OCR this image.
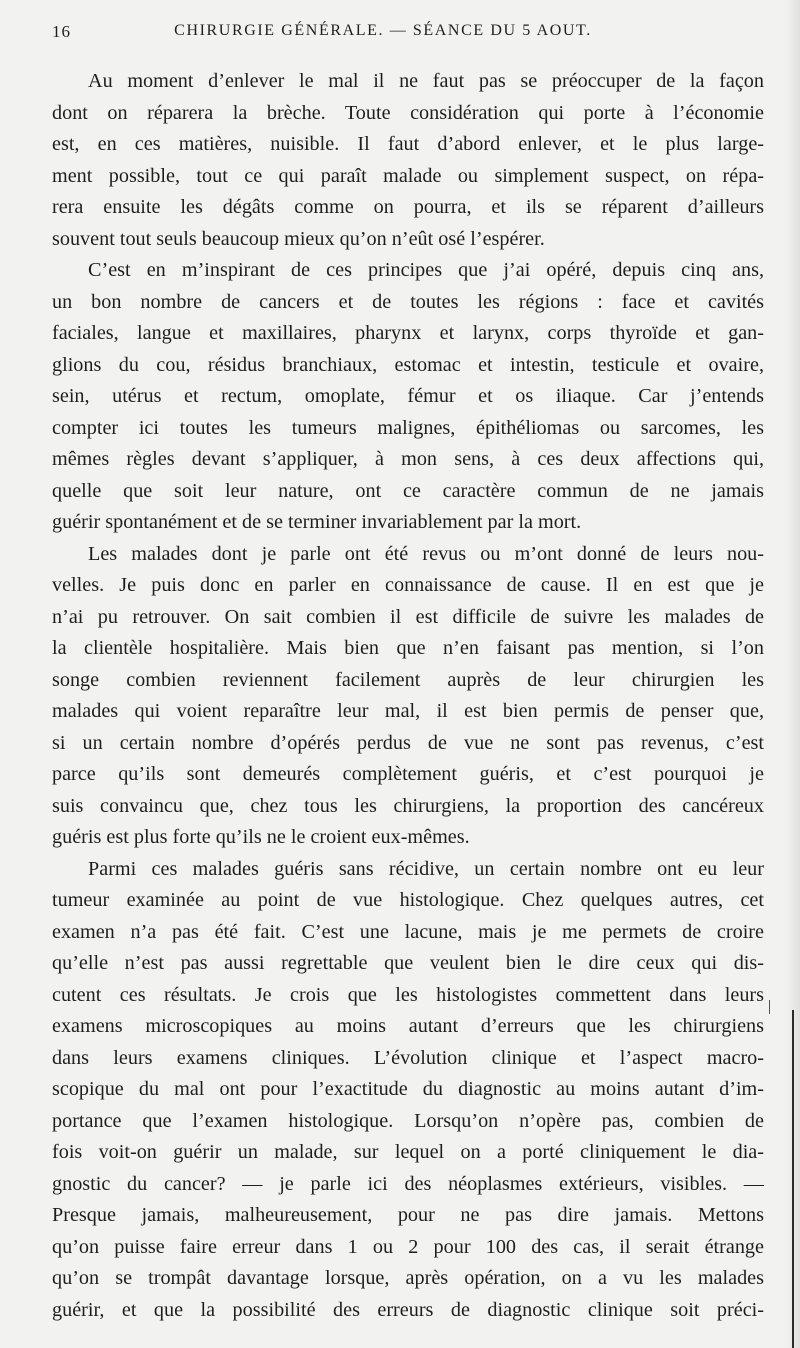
16	CHIRURGIE GÉNÉRALE. — SÉANCE DU 5 AOUT.
Au moment d’enlever le mal il ne faut pas se préoccuper de la façon
dont on réparera la brèche. Toute considération qui porte à l’économie
est, en ces matières, nuisible. Il faut d’abord enlever, et le plus large-
ment possible, tout ce qui paraît malade ou simplement suspect, on répa-
rera ensuite les dégâts comme on pourra, et ils se réparent d’ailleurs
souvent tout seuls beaucoup mieux qu’on n’eût osé l’espérer.
C’est en m’inspirant de ces principes que j’ai opéré, depuis cinq ans,
un bon nombre de cancers et de toutes les régions : face et cavités
faciales, langue et maxillaires, pharynx et larynx, corps thyroïde et gan-
glions du cou, résidus branchiaux, estomac et intestin, testicule et ovaire,
sein, utérus et rectum, omoplate, fémur et os iliaque. Car j’entends
compter ici toutes les tumeurs malignes, épithéliomas ou sarcomes, les
mêmes règles devant s’appliquer, à mon sens, à ces deux affections qui,
quelle que soit leur nature, ont ce caractère commun de ne jamais
guérir spontanément et de se terminer invariablement par la mort.
Les malades dont je parle ont été revus ou m’ont donné de leurs nou-
velles. Je puis donc en parler en connaissance de cause. Il en est que je
n’ai pu retrouver. On sait combien il est difficile de suivre les malades de
la clientèle hospitalière. Mais bien que n’en faisant pas mention, si l’on
songe combien reviennent facilement auprès de leur chirurgien les
malades qui voient reparaître leur mal, il est bien permis de penser que,
si un certain nombre d’opérés perdus de vue ne sont pas revenus, c’est
parce qu’ils sont demeurés complètement guéris, et c’est pourquoi je
suis convaincu que, chez tous les chirurgiens, la proportion des cancéreux
guéris est plus forte qu’ils ne le croient eux-mêmes.
Parmi ces malades guéris sans récidive, un certain nombre ont eu leur
tumeur examinée au point de vue histologique. Chez quelques autres, cet
examen n’a pas été fait. C’est une lacune, mais je me permets de croire
qu’elle n’est pas aussi regrettable que veulent bien le dire ceux qui dis-
cutent ces résultats. Je crois que les histologistes commettent dans leurs
examens microscopiques au moins autant d’erreurs que les chirurgiens
dans leurs examens cliniques. L’évolution clinique et l’aspect macro-
scopique du mal ont pour l’exactitude du diagnostic au moins autant d’im-
portance que l’examen histologique. Lorsqu’on n’opère pas, combien de
fois voit-on guérir un malade, sur lequel on a porté cliniquement le dia-
gnostic du cancer? — je parle ici des néoplasmes extérieurs, visibles. —
Presque jamais, malheureusement, pour ne pas dire jamais. Mettons
qu’on puisse faire erreur dans 1 ou 2 pour 100 des cas, il serait étrange
qu’on se trompât davantage lorsque, après opération, on a vu les malades
guérir, et que la possibilité des erreurs de diagnostic clinique soit préci-
